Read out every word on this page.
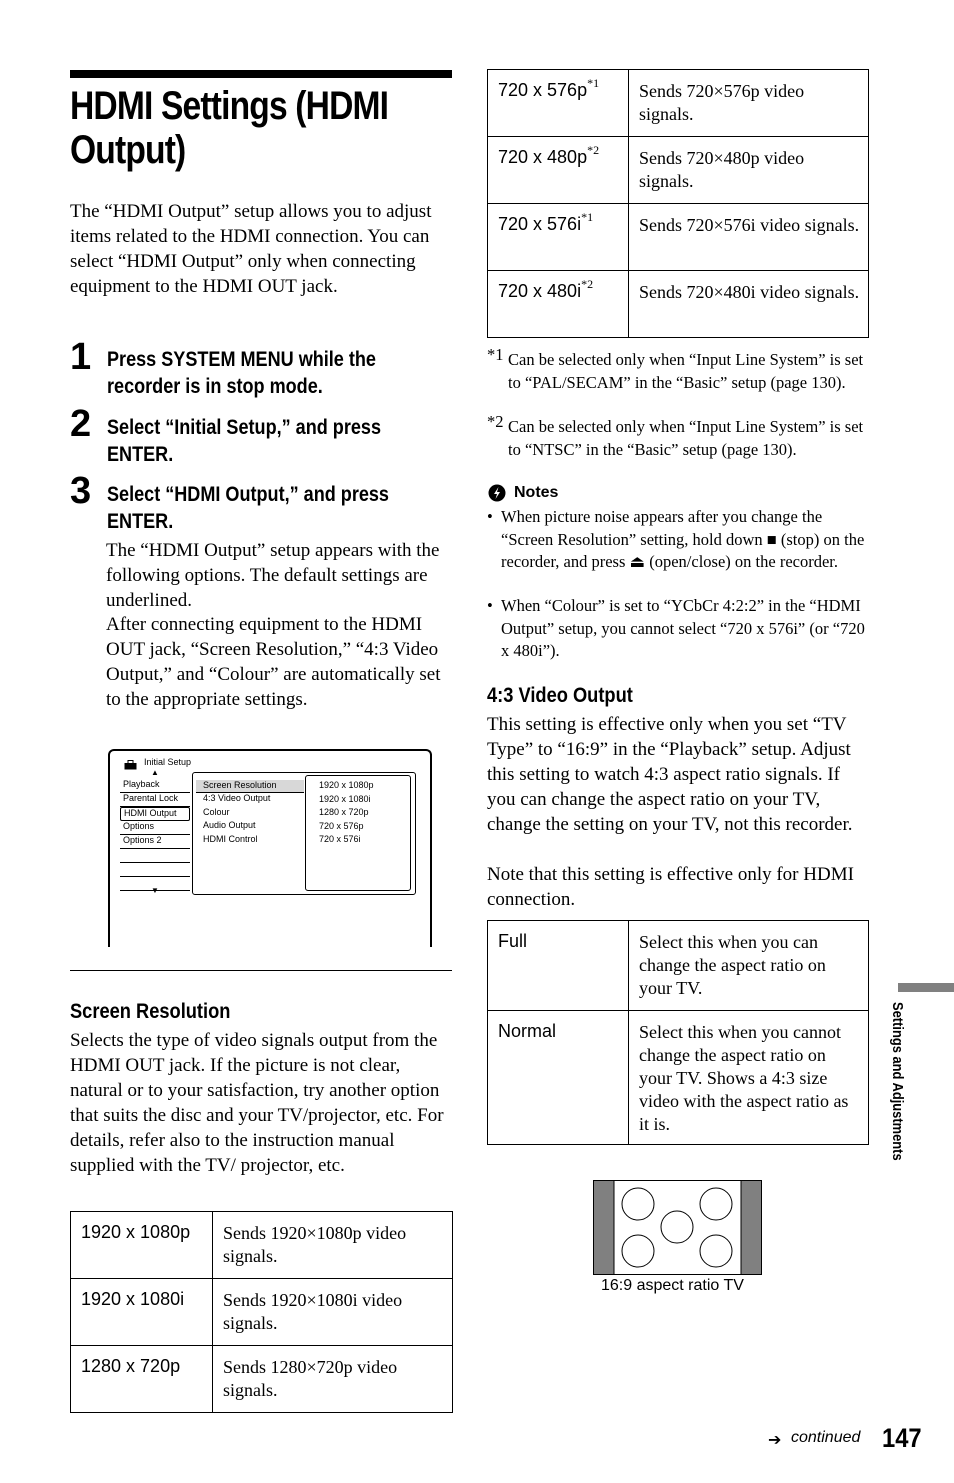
HDMI Settings (HDMI Output)
The “HDMI Output” setup allows you to adjust items related to the HDMI connection. You can select “HDMI Output” only when connecting equipment to the HDMI OUT jack.
1 Press SYSTEM MENU while the recorder is in stop mode.
2 Select “Initial Setup,” and press ENTER.
3 Select “HDMI Output,” and press ENTER.
The “HDMI Output” setup appears with the following options. The default settings are underlined.
After connecting equipment to the HDMI OUT jack, “Screen Resolution,” “4:3 Video Output,” and “Colour” are automatically set to the appropriate settings.
Initial Setup
▲
Playback
Parental Lock
HDMI Output
Options
Options 2
▼
Screen Resolution
4:3 Video Output
Colour
Audio Output
HDMI Control
1920 x 1080p
1920 x 1080i
1280 x 720p
720 x 576p
720 x 576i
Screen Resolution
Selects the type of video signals output from the HDMI OUT jack. If the picture is not clear, natural or to your satisfaction, try another option that suits the disc and your TV/projector, etc. For details, refer also to the instruction manual supplied with the TV/ projector, etc.
1920 x 1080p	Sends 1920×1080p video signals.
1920 x 1080i	Sends 1920×1080i video signals.
1280 x 720p	Sends 1280×720p video signals.
720 x $576p^{*1}$	Sends 720×576p video signals.
720 x $480p^{*2}$	Sends 720×480p video signals.
720 x $576i^{*1}$	Sends 720×576i video signals.
720 x $480i^{*2}$	Sends 720×480i video signals.
*1 Can be selected only when “Input Line System” is set to “PAL/SECAM” in the “Basic” setup (page 130).
*2 Can be selected only when “Input Line System” is set to “NTSC” in the “Basic” setup (page 130).
Notes
• When picture noise appears after you change the “Screen Resolution” setting, hold down ■ (stop) on the recorder, and press ⏏ (open/close) on the recorder.
• When “Colour” is set to “YCbCr 4:2:2” in the “HDMI Output” setup, you cannot select “720 x 576i” (or “720 x 480i”).
4:3 Video Output
This setting is effective only when you set “TV Type” to “16:9” in the “Playback” setup. Adjust this setting to watch 4:3 aspect ratio signals. If you can change the aspect ratio on your TV, change the setting on your TV, not this recorder.
Note that this setting is effective only for HDMI connection.
Full	Select this when you can change the aspect ratio on your TV.
Normal	Select this when you cannot change the aspect ratio on your TV. Shows a 4:3 size video with the aspect ratio as it is.
16:9 aspect ratio TV
Settings and Adjustments
➔ continued 147
